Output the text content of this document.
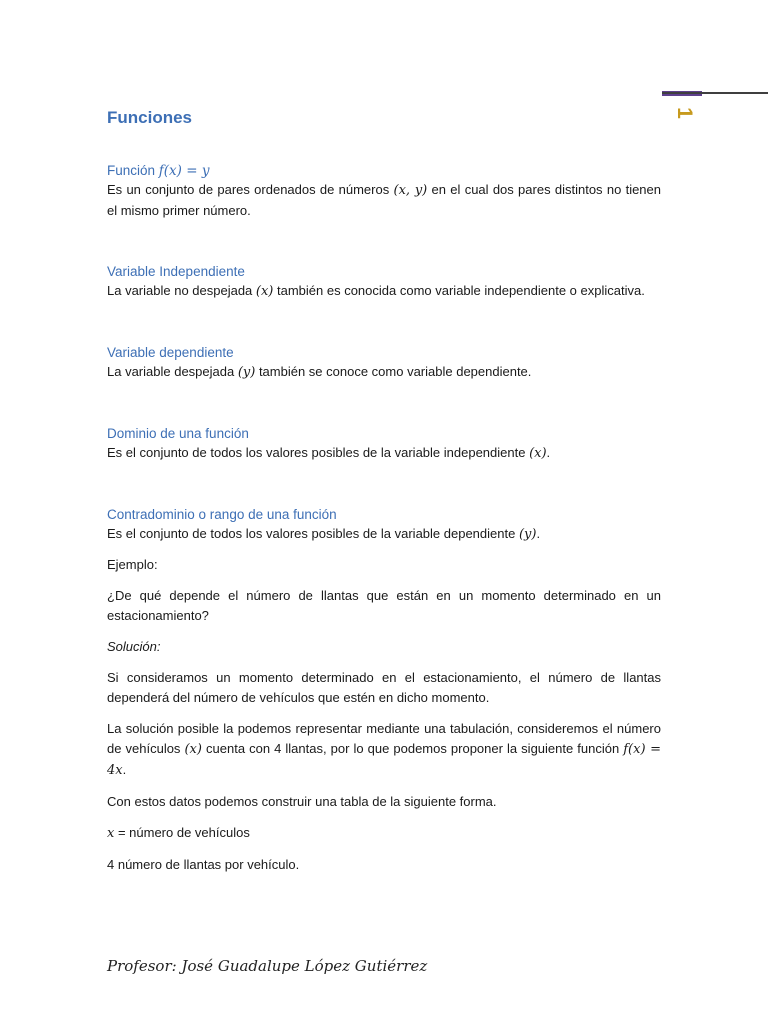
1
Funciones

Función f(x) = y

Es un conjunto de pares ordenados de números (x, y) en el cual dos pares distintos no tienen el mismo primer número.

Variable Independiente

La variable no despejada (x) también es conocida como variable independiente o explicativa.

Variable dependiente

La variable despejada (y) también se conoce como variable dependiente.

Dominio de una función

Es el conjunto de todos los valores posibles de la variable independiente (x).

Contradominio o rango de una función

Es el conjunto de todos los valores posibles de la variable dependiente (y).

Ejemplo:

¿De qué depende el número de llantas que están en un momento determinado en un estacionamiento?

Solución:

Si consideramos un momento determinado en el estacionamiento, el número de llantas dependerá del número de vehículos que estén en dicho momento.

La solución posible la podemos representar mediante una tabulación, consideremos el número de vehículos (x) cuenta con 4 llantas, por lo que podemos proponer la siguiente función f(x) = 4x.

Con estos datos podemos construir una tabla de la siguiente forma.

x = número de vehículos

4 número de llantas por vehículo.

Profesor: José Guadalupe López Gutiérrez
